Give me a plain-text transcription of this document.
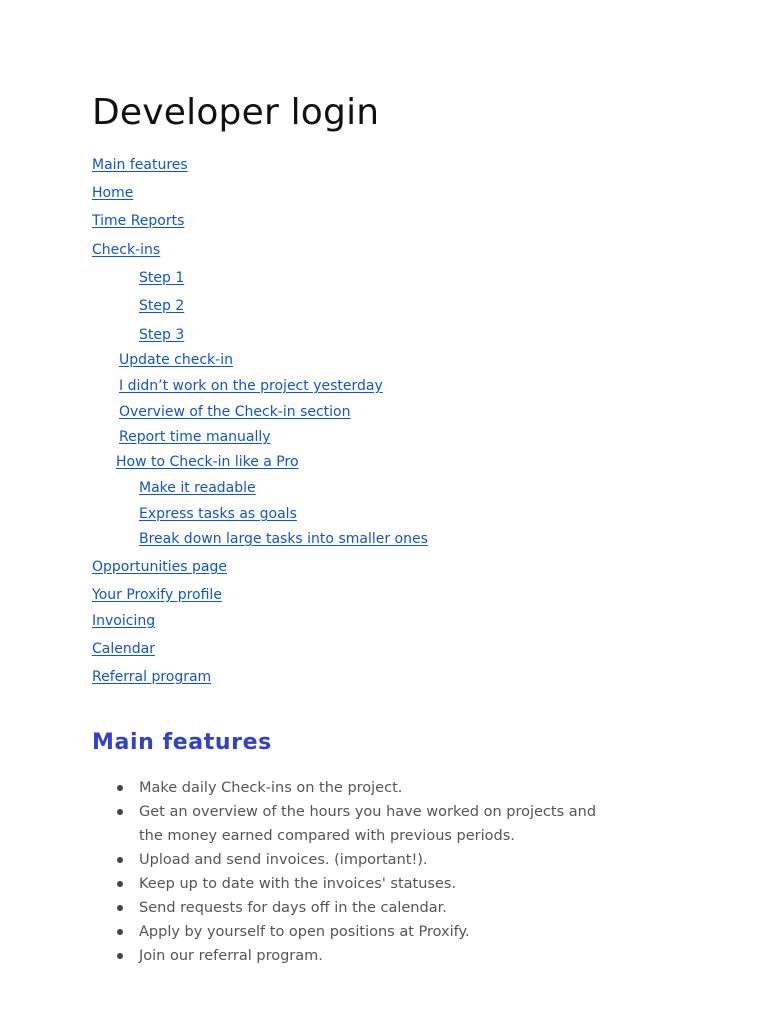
Developer login
Main features
Home
Time Reports
Check-ins
Step 1
Step 2
Step 3
Update check-in
I didn’t work on the project yesterday
Overview of the Check-in section
Report time manually
How to Check-in like a Pro
Make it readable
Express tasks as goals
Break down large tasks into smaller ones
Opportunities page
Your Proxify profile
Invoicing
Calendar
Referral program
Main features
Make daily Check-ins on the project.
Get an overview of the hours you have worked on projects and the money earned compared with previous periods.
Upload and send invoices. (important!).
Keep up to date with the invoices' statuses.
Send requests for days off in the calendar.
Apply by yourself to open positions at Proxify.
Join our referral program.
